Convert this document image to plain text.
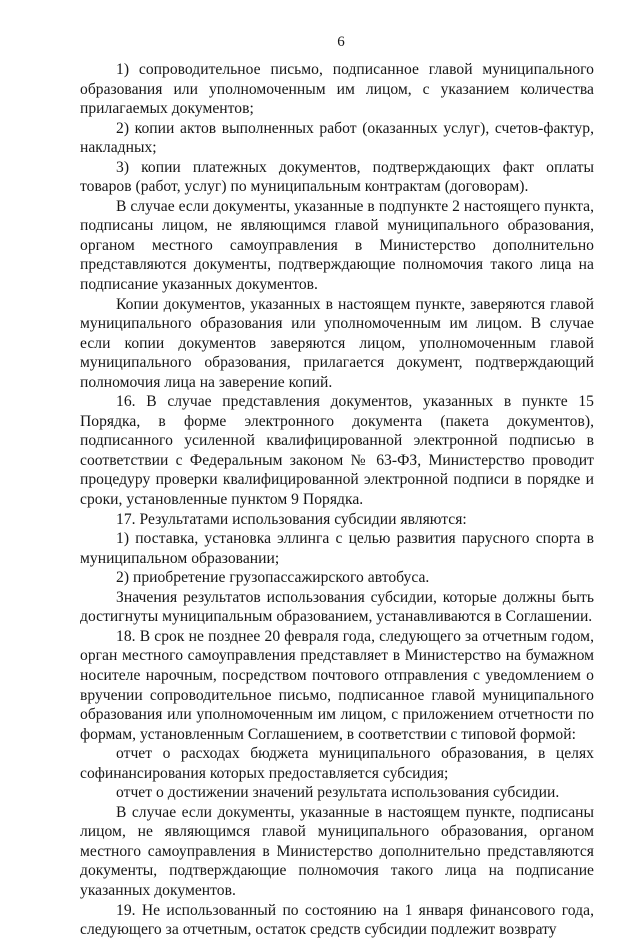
6

1) сопроводительное письмо, подписанное главой муниципального образования или уполномоченным им лицом, с указанием количества прилагаемых документов;

2) копии актов выполненных работ (оказанных услуг), счетов-фактур, накладных;

3) копии платежных документов, подтверждающих факт оплаты товаров (работ, услуг) по муниципальным контрактам (договорам).

В случае если документы, указанные в подпункте 2 настоящего пункта, подписаны лицом, не являющимся главой муниципального образования, органом местного самоуправления в Министерство дополнительно представляются документы, подтверждающие полномочия такого лица на подписание указанных документов.

Копии документов, указанных в настоящем пункте, заверяются главой муниципального образования или уполномоченным им лицом. В случае если копии документов заверяются лицом, уполномоченным главой муниципального образования, прилагается документ, подтверждающий полномочия лица на заверение копий.

16. В случае представления документов, указанных в пункте 15 Порядка, в форме электронного документа (пакета документов), подписанного усиленной квалифицированной электронной подписью в соответствии с Федеральным законом № 63-ФЗ, Министерство проводит процедуру проверки квалифицированной электронной подписи в порядке и сроки, установленные пунктом 9 Порядка.

17. Результатами использования субсидии являются:

1) поставка, установка эллинга с целью развития парусного спорта в муниципальном образовании;

2) приобретение грузопассажирского автобуса.

Значения результатов использования субсидии, которые должны быть достигнуты муниципальным образованием, устанавливаются в Соглашении.

18. В срок не позднее 20 февраля года, следующего за отчетным годом, орган местного самоуправления представляет в Министерство на бумажном носителе нарочным, посредством почтового отправления с уведомлением о вручении сопроводительное письмо, подписанное главой муниципального образования или уполномоченным им лицом, с приложением отчетности по формам, установленным Соглашением, в соответствии с типовой формой:

отчет о расходах бюджета муниципального образования, в целях софинансирования которых предоставляется субсидия;

отчет о достижении значений результата использования субсидии.

В случае если документы, указанные в настоящем пункте, подписаны лицом, не являющимся главой муниципального образования, органом местного самоуправления в Министерство дополнительно представляются документы, подтверждающие полномочия такого лица на подписание указанных документов.

19. Не использованный по состоянию на 1 января финансового года, следующего за отчетным, остаток средств субсидии подлежит возврату
